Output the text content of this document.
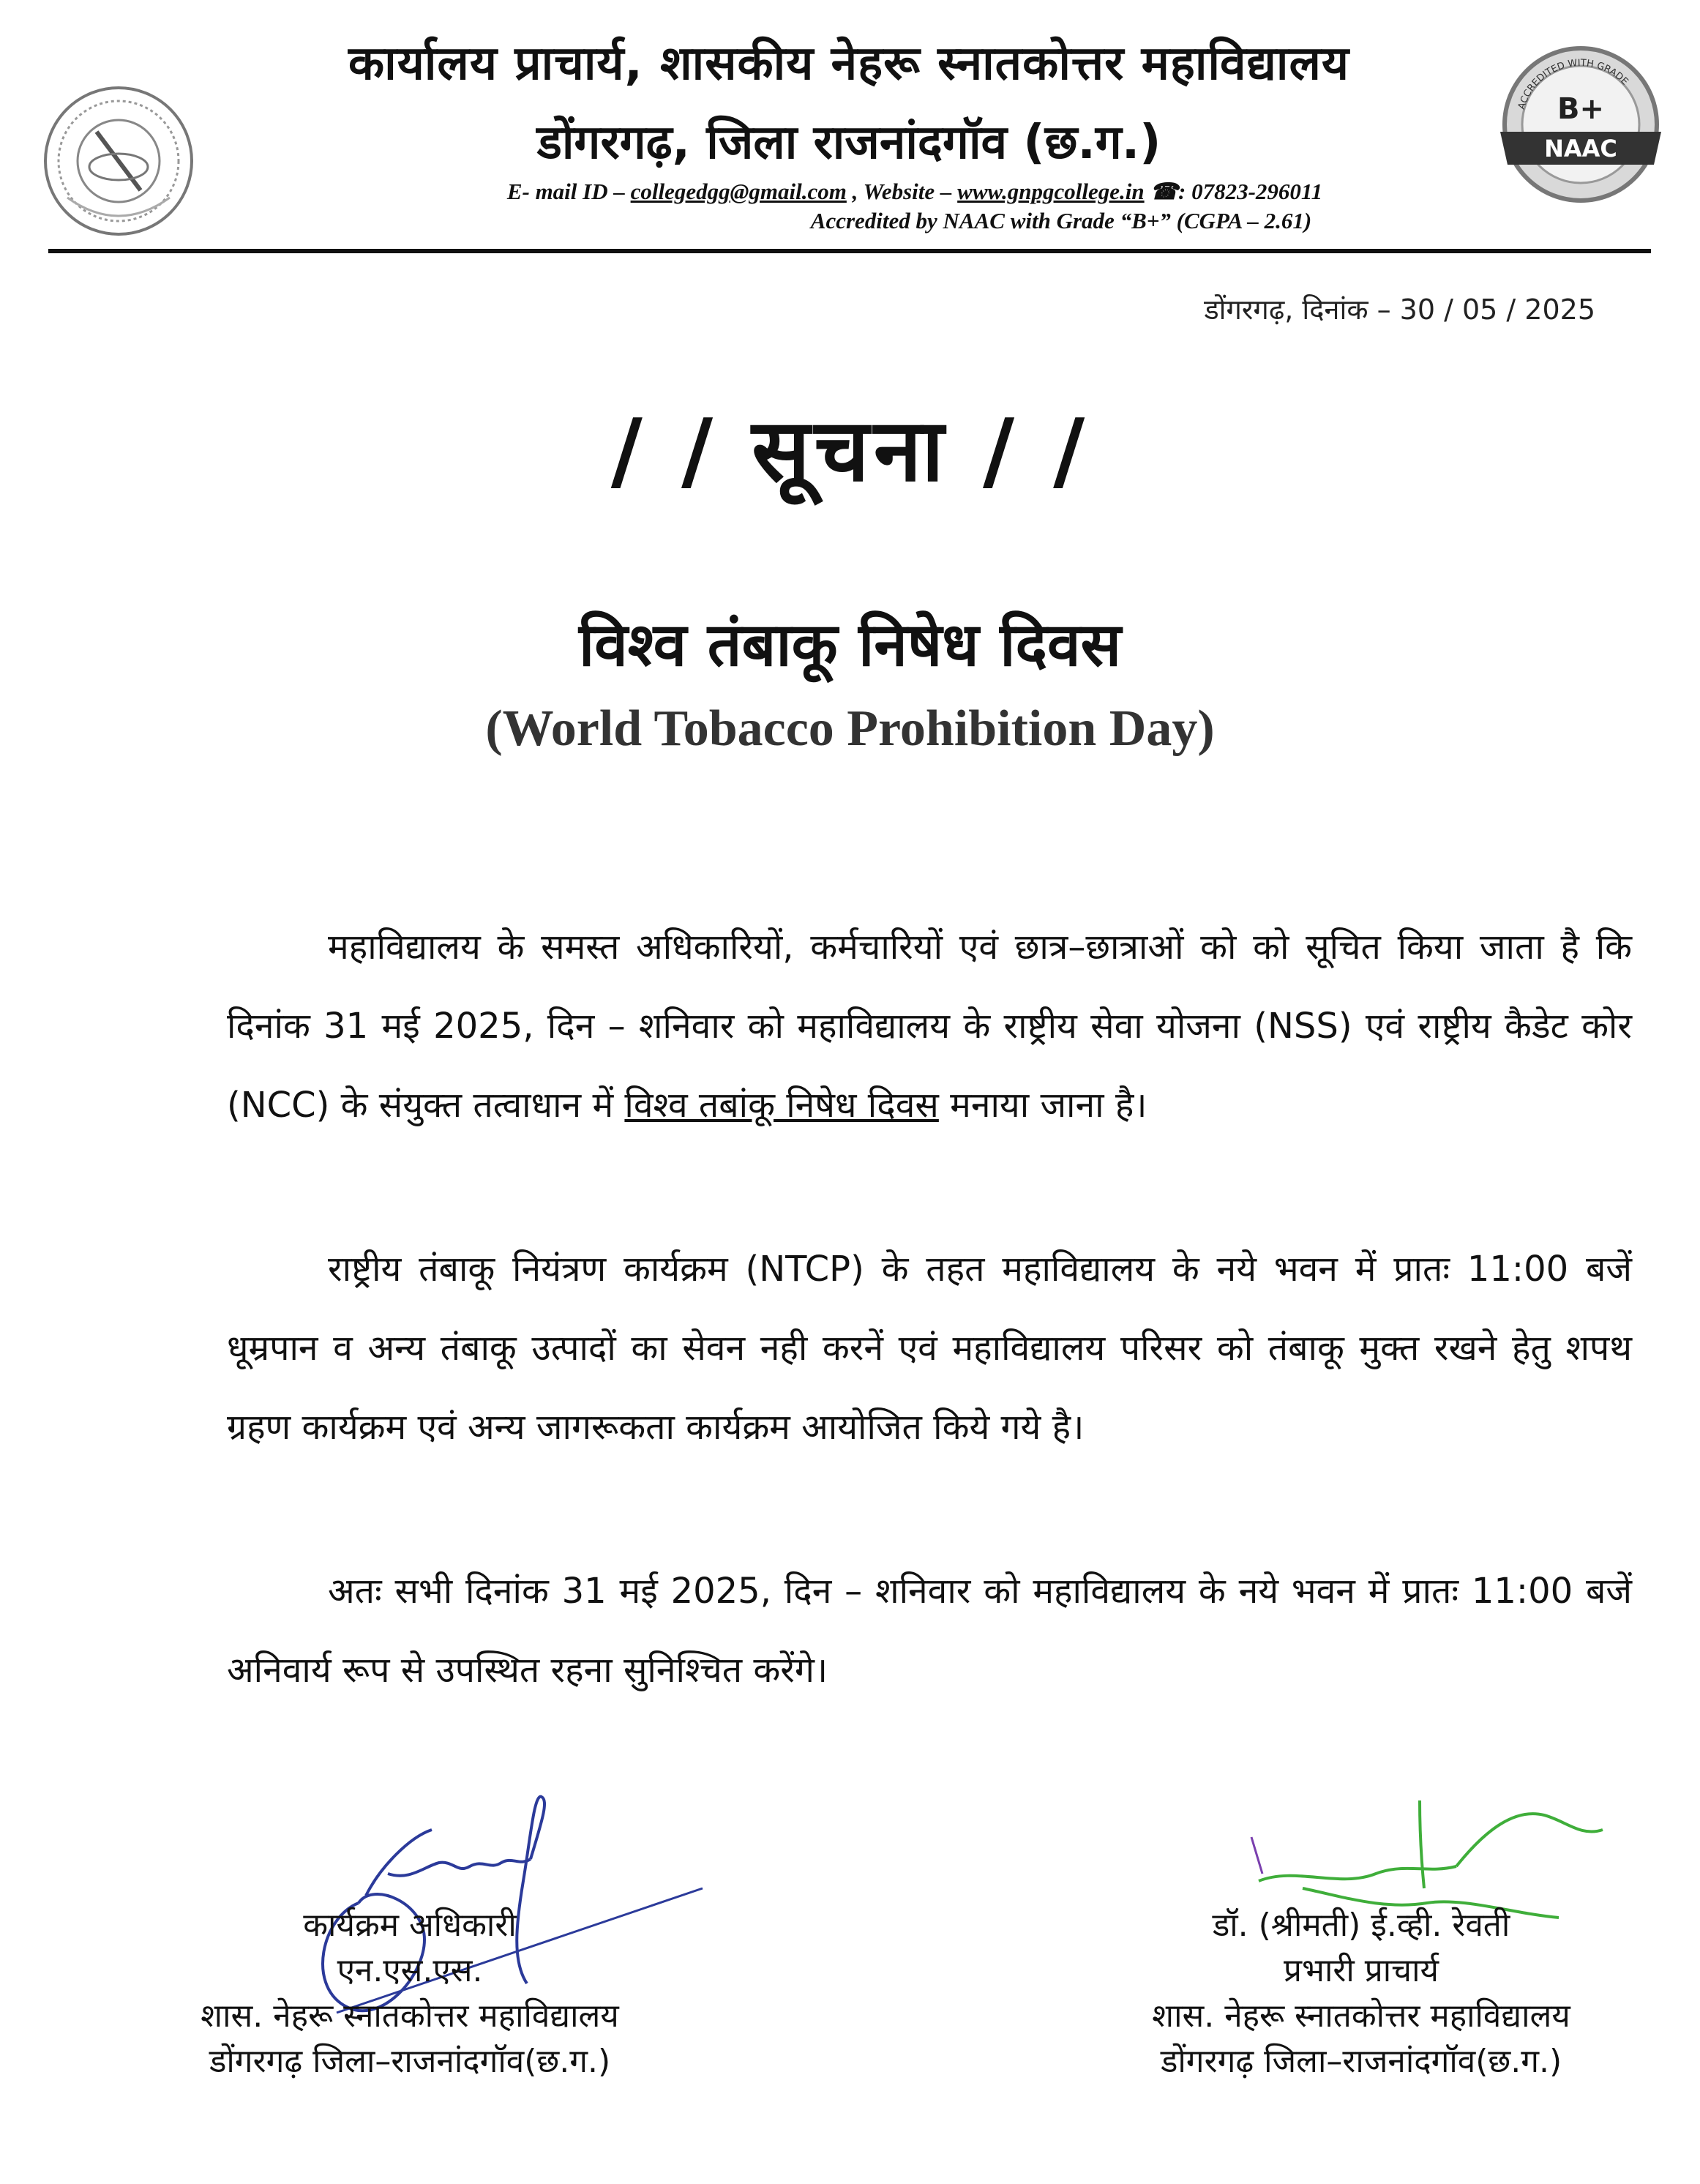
कार्यालय प्राचार्य, शासकीय नेहरू स्नातकोत्तर महाविद्यालय
डोंगरगढ़, जिला राजनांदगॉव (छ.ग.)
E- mail ID – collegedgg@gmail.com , Website – www.gnpgcollege.in ☎: 07823-296011
Accredited by NAAC with Grade “B+” (CGPA – 2.61)
ACCREDITED WITH GRADE
B+
NAAC
डोंगरगढ़, दिनांक – 30 / 05 / 2025
/ / सूचना / /
विश्व तंबाकू निषेध दिवस
(World Tobacco Prohibition Day)
महाविद्यालय के समस्त अधिकारियों, कर्मचारियों एवं छात्र–छात्राओं को को सूचित किया जाता है कि दिनांक 31 मई 2025, दिन – शनिवार को महाविद्यालय के राष्ट्रीय सेवा योजना (NSS) एवं राष्ट्रीय कैडेट कोर (NCC) के संयुक्त तत्वाधान में विश्व तबांकू निषेध दिवस मनाया जाना है।
राष्ट्रीय तंबाकू नियंत्रण कार्यक्रम (NTCP) के तहत महाविद्यालय के नये भवन में प्रातः 11:00 बजें धूम्रपान व अन्य तंबाकू उत्पादों का सेवन नही करनें एवं महाविद्यालय परिसर को तंबाकू मुक्त रखने हेतु शपथ ग्रहण कार्यक्रम एवं अन्य जागरूकता कार्यक्रम आयोजित किये गये है।
अतः सभी दिनांक 31 मई 2025, दिन – शनिवार को महाविद्यालय के नये भवन में प्रातः 11:00 बजें अनिवार्य रूप से उपस्थित रहना सुनिश्चित करेंगे।
कार्यक्रम अधिकारी
एन.एस.एस.
शास. नेहरू स्नातकोत्तर महाविद्यालय
डोंगरगढ़ जिला–राजनांदगॉव(छ.ग.)
डॉ. (श्रीमती) ई.व्ही. रेवती
प्रभारी प्राचार्य
शास. नेहरू स्नातकोत्तर महाविद्यालय
डोंगरगढ़ जिला–राजनांदगॉव(छ.ग.)
